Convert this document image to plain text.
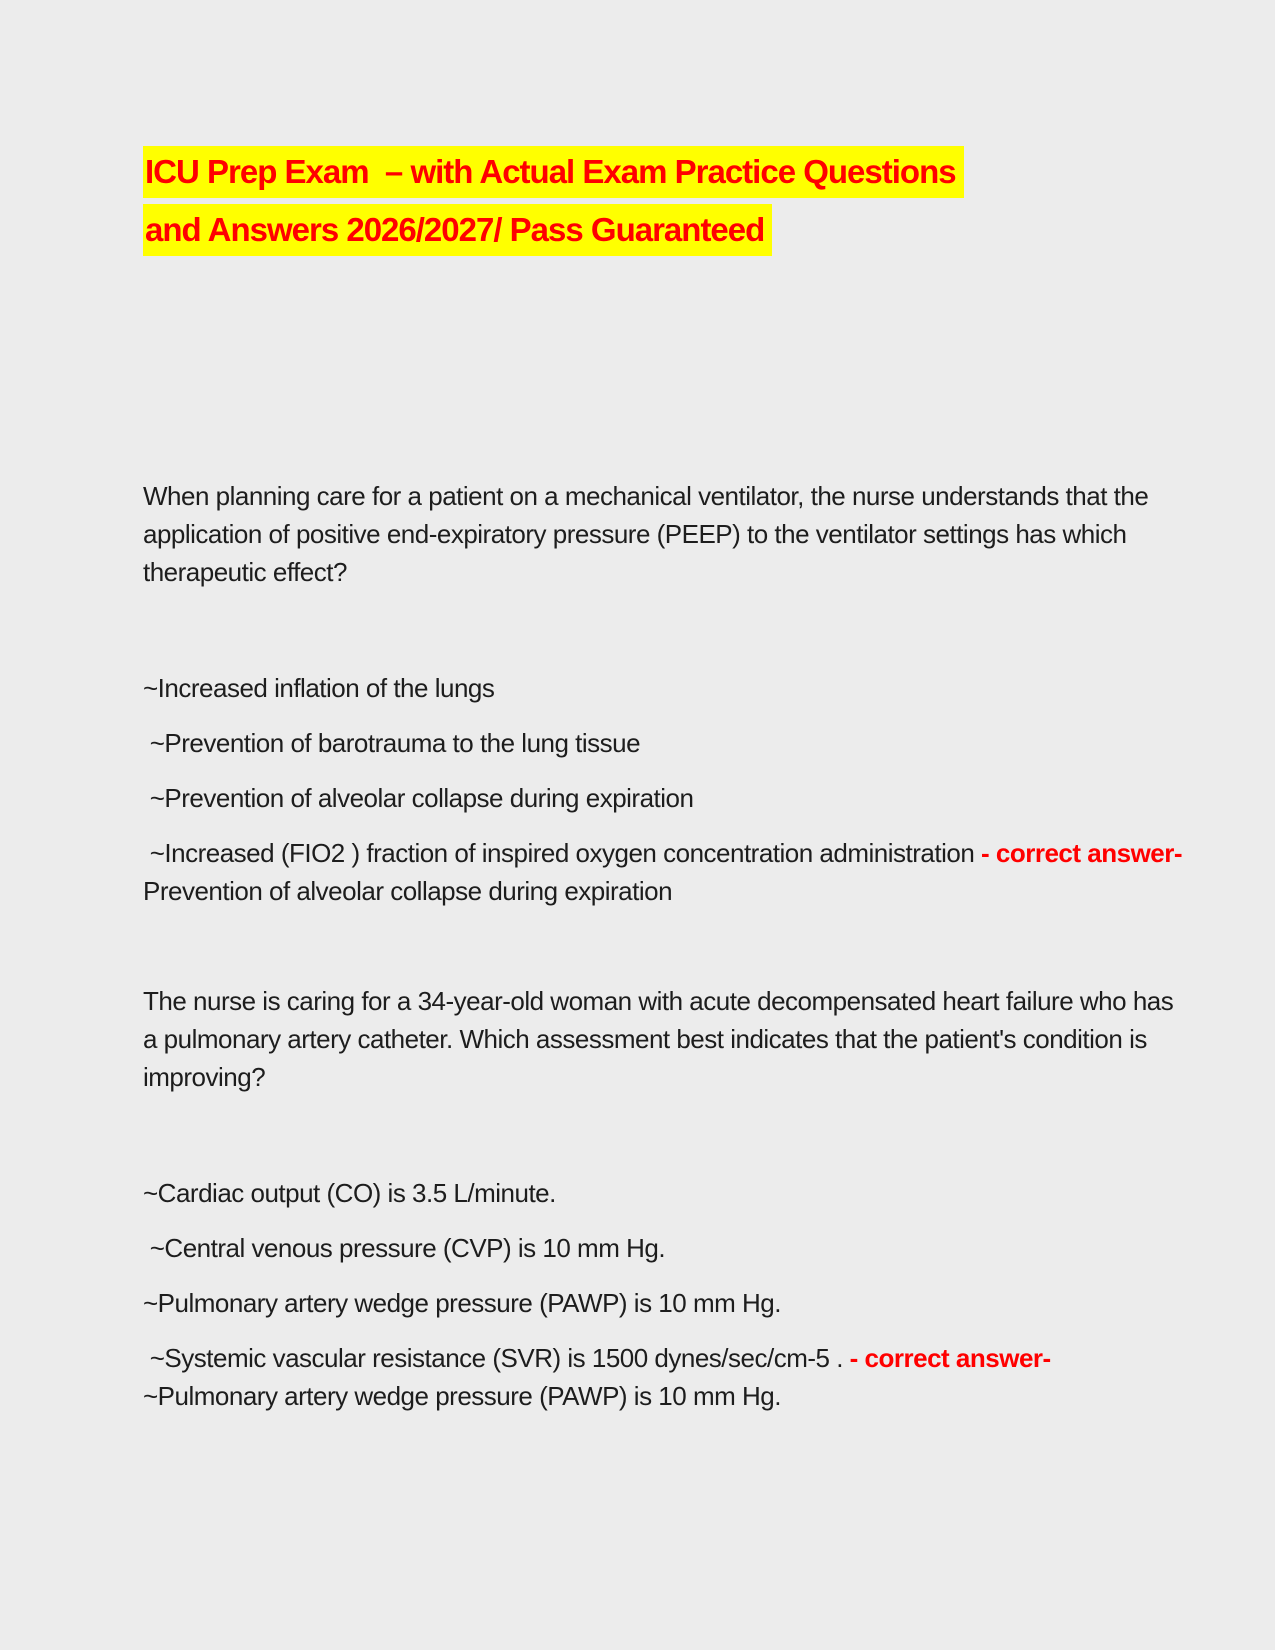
ICU Prep Exam  – with Actual Exam Practice Questions
and Answers 2026/2027/ Pass Guaranteed

When planning care for a patient on a mechanical ventilator, the nurse understands that the application of positive end-expiratory pressure (PEEP) to the ventilator settings has which therapeutic effect?

~Increased inflation of the lungs

~Prevention of barotrauma to the lung tissue

~Prevention of alveolar collapse during expiration

~Increased (FIO2 ) fraction of inspired oxygen concentration administration - correct answer-Prevention of alveolar collapse during expiration

The nurse is caring for a 34-year-old woman with acute decompensated heart failure who has a pulmonary artery catheter. Which assessment best indicates that the patient's condition is improving?

~Cardiac output (CO) is 3.5 L/minute.

~Central venous pressure (CVP) is 10 mm Hg.

~Pulmonary artery wedge pressure (PAWP) is 10 mm Hg.

~Systemic vascular resistance (SVR) is 1500 dynes/sec/cm-5 . - correct answer-~Pulmonary artery wedge pressure (PAWP) is 10 mm Hg.
